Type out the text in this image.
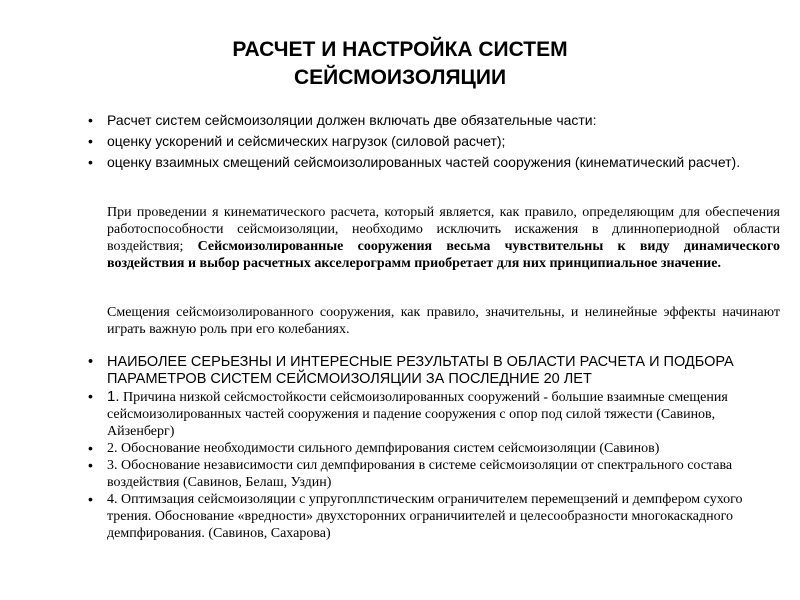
РАСЧЕТ И НАСТРОЙКА СИСТЕМ
СЕЙСМОИЗОЛЯЦИИ
• Расчет систем сейсмоизоляции должен включать две обязательные части:
• оценку ускорений и сейсмических нагрузок (силовой расчет);
• оценку взаимных смещений сейсмоизолированных частей сооружения (кинематический расчет).

При проведении я кинематического расчета, который является, как правило, определяющим для обеспечения работоспособности сейсмоизоляции, необходимо исключить искажения в длиннопериодной области воздействия; Сейсмоизолированные сооружения весьма чувствительны к виду динамического воздействия и выбор расчетных акселерограмм приобретает для них принципиальное значение.

Смещения сейсмоизолированного сооружения, как правило, значительны, и нелинейные эффекты начинают играть важную роль при его колебаниях.

• НАИБОЛЕЕ СЕРЬЕЗНЫ И ИНТЕРЕСНЫЕ РЕЗУЛЬТАТЫ В ОБЛАСТИ РАСЧЕТА И ПОДБОРА ПАРАМЕТРОВ СИСТЕМ СЕЙСМОИЗОЛЯЦИИ ЗА ПОСЛЕДНИЕ 20 ЛЕТ
• 1. Причина низкой сейсмостойкости сейсмоизолированных сооружений - большие взаимные смещения сейсмоизолированных частей сооружения и падение сооружения с опор под силой тяжести (Савинов, Айзенберг)
• 2. Обоснование необходимости сильного демпфирования систем сейсмоизоляции (Савинов)
• 3. Обоснование независимости сил демпфирования в системе сейсмоизоляции от спектрального состава воздействия (Савинов, Белаш, Уздин)
• 4. Оптимзация сейсмоизоляции с упругоплпстическим ограничителем перемещзений и демпфером сухого трения. Обоснование «вредности» двухсторонних ограничиителей и целесообразности многокаскадного демпфирования. (Савинов, Сахарова)
